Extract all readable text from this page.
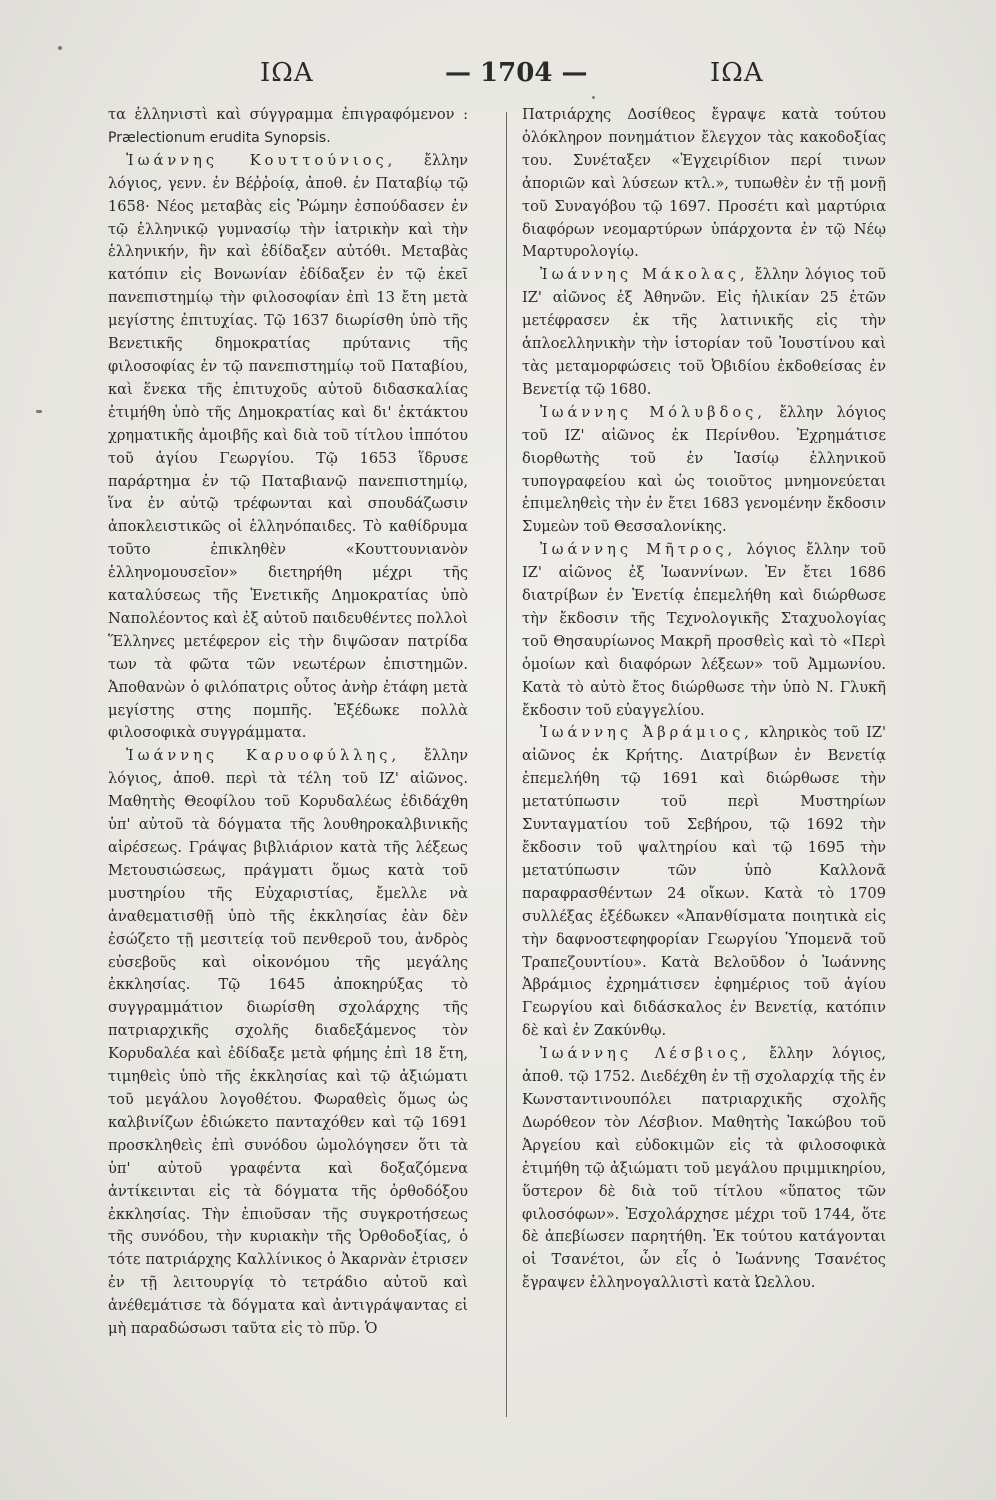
ΙΩΑ	— 1704 —	ΙΩΑ

τα ἑλληνιστὶ καὶ σύγγραμμα ἐπιγραφόμενον : Prælectionum erudita Synopsis.

Ἰωάννης Κουττούνιος, ἔλλην λόγιος, γενν. ἐν Βέῤῥοίᾳ, ἀποθ. ἐν Παταβίῳ τῷ 1658· Νέος μεταβὰς εἰς Ῥώμην ἐσπούδασεν ἐν τῷ ἑλληνικῷ γυμνασίῳ τὴν ἰατρικὴν καὶ τὴν ἑλληνικήν, ἣν καὶ ἐδίδαξεν αὐτόθι. Μεταβὰς κατόπιν εἰς Βονωνίαν ἐδίδαξεν ἐν τῷ ἐκεῖ πανεπιστημίῳ τὴν φιλοσοφίαν ἐπὶ 13 ἔτη μετὰ μεγίστης ἐπιτυχίας. Τῷ 1637 διωρίσθη ὑπὸ τῆς Βενετικῆς δημοκρατίας πρύτανις τῆς φιλοσοφίας ἐν τῷ πανεπιστημίῳ τοῦ Παταβίου, καὶ ἕνεκα τῆς ἐπιτυχοῦς αὐτοῦ διδασκαλίας ἐτιμήθη ὑπὸ τῆς Δημοκρατίας καὶ δι' ἐκτάκτου χρηματικῆς ἀμοιβῆς καὶ διὰ τοῦ τίτλου ἱππότου τοῦ ἁγίου Γεωργίου. Τῷ 1653 ἵδρυσε παράρτημα ἐν τῷ Παταβιανῷ πανεπιστημίῳ, ἵνα ἐν αὐτῷ τρέφωνται καὶ σπουδάζωσιν ἀποκλειστικῶς οἱ ἑλληνόπαιδες. Τὸ καθίδρυμα τοῦτο ἐπικληθὲν «Κουττουνιανὸν ἑλληνομουσεῖον» διετηρήθη μέχρι τῆς καταλύσεως τῆς Ἑνετικῆς Δημοκρατίας ὑπὸ Ναπολέοντος καὶ ἐξ αὐτοῦ παιδευθέντες πολλοὶ Ἕλληνες μετέφερον εἰς τὴν διψῶσαν πατρίδα των τὰ φῶτα τῶν νεωτέρων ἐπιστημῶν. Ἀποθανὼν ὁ φιλόπατρις οὗτος ἀνὴρ ἐτάφη μετὰ μεγίστης στης πομπῆς. Ἐξέδωκε πολλὰ φιλοσοφικὰ συγγράμματα.

Ἰωάννης Καρυοφύλλης, ἔλλην λόγιος, ἀποθ. περὶ τὰ τέλη τοῦ ΙΖ' αἰῶνος. Μαθητὴς Θεοφίλου τοῦ Κορυδαλέως ἐδιδάχθη ὑπ' αὐτοῦ τὰ δόγματα τῆς λουθηροκαλβινικῆς αἱρέσεως. Γράψας βιβλιάριον κατὰ τῆς λέξεως Μετουσιώσεως, πράγματι ὅμως κατὰ τοῦ μυστηρίου τῆς Εὐχαριστίας, ἔμελλε νὰ ἀναθεματισθῇ ὑπὸ τῆς ἐκκλησίας ἐὰν δὲν ἐσώζετο τῇ μεσιτείᾳ τοῦ πενθεροῦ του, ἀνδρὸς εὐσεβοῦς καὶ οἰκονόμου τῆς μεγάλης ἐκκλησίας. Τῷ 1645 ἀποκηρύξας τὸ συγγραμμάτιον διωρίσθη σχολάρχης τῆς πατριαρχικῆς σχολῆς διαδεξάμενος τὸν Κορυδαλέα καὶ ἐδίδαξε μετὰ φήμης ἐπὶ 18 ἔτη, τιμηθεὶς ὑπὸ τῆς ἐκκλησίας καὶ τῷ ἀξιώματι τοῦ μεγάλου λογοθέτου. Φωραθεὶς ὅμως ὡς καλβινίζων ἐδιώκετο πανταχόθεν καὶ τῷ 1691 προσκληθεὶς ἐπὶ συνόδου ὡμολόγησεν ὅτι τὰ ὑπ' αὐτοῦ γραφέντα καὶ δοξαζόμενα ἀντίκεινται εἰς τὰ δόγματα τῆς ὀρθοδόξου ἐκκλησίας. Τὴν ἐπιοῦσαν τῆς συγκροτήσεως τῆς συνόδου, τὴν κυριακὴν τῆς Ὀρθοδοξίας, ὁ τότε πατριάρχης Καλλίνικος ὁ Ἀκαρνὰν ἐτρισεν ἐν τῇ λειτουργίᾳ τὸ τετράδιο αὐτοῦ καὶ ἀνέθεμάτισε τὰ δόγματα καὶ ἀντιγράψαντας εἰ μὴ παραδώσωσι ταῦτα εἰς τὸ πῦρ. Ὁ

Πατριάρχης Δοσίθεος ἔγραψε κατὰ τούτου ὁλόκληρον πονημάτιον ἔλεγχον τὰς κακοδοξίας του. Συνέταξεν «Ἐγχειρίδιον περί τινων ἀποριῶν καὶ λύσεων κτλ.», τυπωθὲν ἐν τῇ μονῇ τοῦ Συναγόβου τῷ 1697. Προσέτι καὶ μαρτύρια διαφόρων νεομαρτύρων ὑπάρχοντα ἐν τῷ Νέῳ Μαρτυρολογίῳ.

Ἰωάννης Μάκολας, ἔλλην λόγιος τοῦ ΙΖ' αἰῶνος ἐξ Ἀθηνῶν. Εἰς ἡλικίαν 25 ἐτῶν μετέφρασεν ἐκ τῆς λατινικῆς εἰς τὴν ἁπλοελληνικὴν τὴν ἱστορίαν τοῦ Ἰουστίνου καὶ τὰς μεταμορφώσεις τοῦ Ὀβιδίου ἐκδοθείσας ἐν Βενετίᾳ τῷ 1680.

Ἰωάννης Μόλυβδος, ἔλλην λόγιος τοῦ ΙΖ' αἰῶνος ἐκ Περίνθου. Ἐχρημάτισε διορθωτὴς τοῦ ἐν Ἰασίῳ ἑλληνικοῦ τυπογραφείου καὶ ὡς τοιοῦτος μνημονεύεται ἐπιμεληθεὶς τὴν ἐν ἔτει 1683 γενομένην ἔκδοσιν Συμεὼν τοῦ Θεσσαλονίκης.

Ἰωάννης Μῆτρος, λόγιος ἔλλην τοῦ ΙΖ' αἰῶνος ἐξ Ἰωαννίνων. Ἐν ἔτει 1686 διατρίβων ἐν Ἑνετίᾳ ἐπεμελήθη καὶ διώρθωσε τὴν ἔκδοσιν τῆς Τεχνολογικῆς Σταχυολογίας τοῦ Θησαυρίωνος Μακρῆ προσθεὶς καὶ τὸ «Περὶ ὁμοίων καὶ διαφόρων λέξεων» τοῦ Ἀμμωνίου. Κατὰ τὸ αὐτὸ ἔτος διώρθωσε τὴν ὑπὸ Ν. Γλυκῆ ἔκδοσιν τοῦ εὐαγγελίου.

Ἰωάννης Ἀβράμιος, κληρικὸς τοῦ ΙΖ' αἰῶνος ἐκ Κρήτης. Διατρίβων ἐν Βενετίᾳ ἐπεμελήθη τῷ 1691 καὶ διώρθωσε τὴν μετατύπωσιν τοῦ περὶ Μυστηρίων Συνταγματίου τοῦ Σεβήρου, τῷ 1692 τὴν ἔκδοσιν τοῦ ψαλτηρίου καὶ τῷ 1695 τὴν μετατύπωσιν τῶν ὑπὸ Καλλονᾶ παραφρασθέντων 24 οἴκων. Κατὰ τὸ 1709 συλλέξας ἐξέδωκεν «Ἀπανθίσματα ποιητικὰ εἰς τὴν δαφνοστεφηφορίαν Γεωργίου Ὑπομενᾶ τοῦ Τραπεζουντίου». Κατὰ Βελοῦδον ὁ Ἰωάννης Ἀβράμιος ἐχρημάτισεν ἐφημέριος τοῦ ἁγίου Γεωργίου καὶ διδάσκαλος ἐν Βενετίᾳ, κατόπιν δὲ καὶ ἐν Ζακύνθῳ.

Ἰωάννης Λέσβιος, ἔλλην λόγιος, ἀποθ. τῷ 1752. Διεδέχθη ἐν τῇ σχολαρχίᾳ τῆς ἐν Κωνσταντινουπόλει πατριαρχικῆς σχολῆς Δωρόθεον τὸν Λέσβιον. Μαθητὴς Ἰακώβου τοῦ Ἀργείου καὶ εὐδοκιμῶν εἰς τὰ φιλοσοφικὰ ἐτιμήθη τῷ ἀξιώματι τοῦ μεγάλου πριμμικηρίου, ὕστερον δὲ διὰ τοῦ τίτλου «ὕπατος τῶν φιλοσόφων». Ἐσχολάρχησε μέχρι τοῦ 1744, ὅτε δὲ ἀπεβίωσεν παρητήθη. Ἐκ τούτου κατάγονται οἱ Τσανέτοι, ὧν εἷς ὁ Ἰωάννης Τσανέτος ἔγραψεν ἑλληνογαλλιστὶ κατὰ Ὠελλου.
